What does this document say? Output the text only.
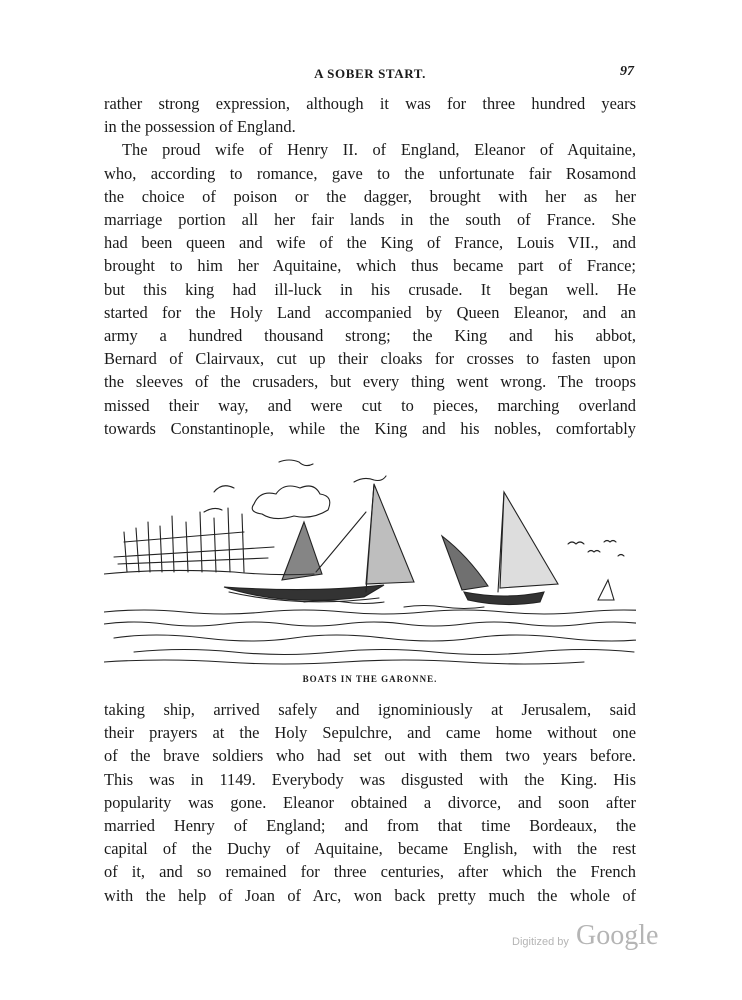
A SOBER START.	97
rather strong expression, although it was for three hundred years
in the possession of England.
The proud wife of Henry II. of England, Eleanor of Aquitaine,
who, according to romance, gave to the unfortunate fair Rosamond
the choice of poison or the dagger, brought with her as her
marriage portion all her fair lands in the south of France. She
had been queen and wife of the King of France, Louis VII., and
brought to him her Aquitaine, which thus became part of France;
but this king had ill-luck in his crusade. It began well. He
started for the Holy Land accompanied by Queen Eleanor, and an
army a hundred thousand strong; the King and his abbot,
Bernard of Clairvaux, cut up their cloaks for crosses to fasten upon
the sleeves of the crusaders, but every thing went wrong. The troops
missed their way, and were cut to pieces, marching overland
towards Constantinople, while the King and his nobles, comfortably
BOATS IN THE GARONNE.
taking ship, arrived safely and ignominiously at Jerusalem, said
their prayers at the Holy Sepulchre, and came home without one
of the brave soldiers who had set out with them two years before.
This was in 1149. Everybody was disgusted with the King. His
popularity was gone. Eleanor obtained a divorce, and soon after
married Henry of England; and from that time Bordeaux, the
capital of the Duchy of Aquitaine, became English, with the rest
of it, and so remained for three centuries, after which the French
with the help of Joan of Arc, won back pretty much the whole of
Digitized by Google
